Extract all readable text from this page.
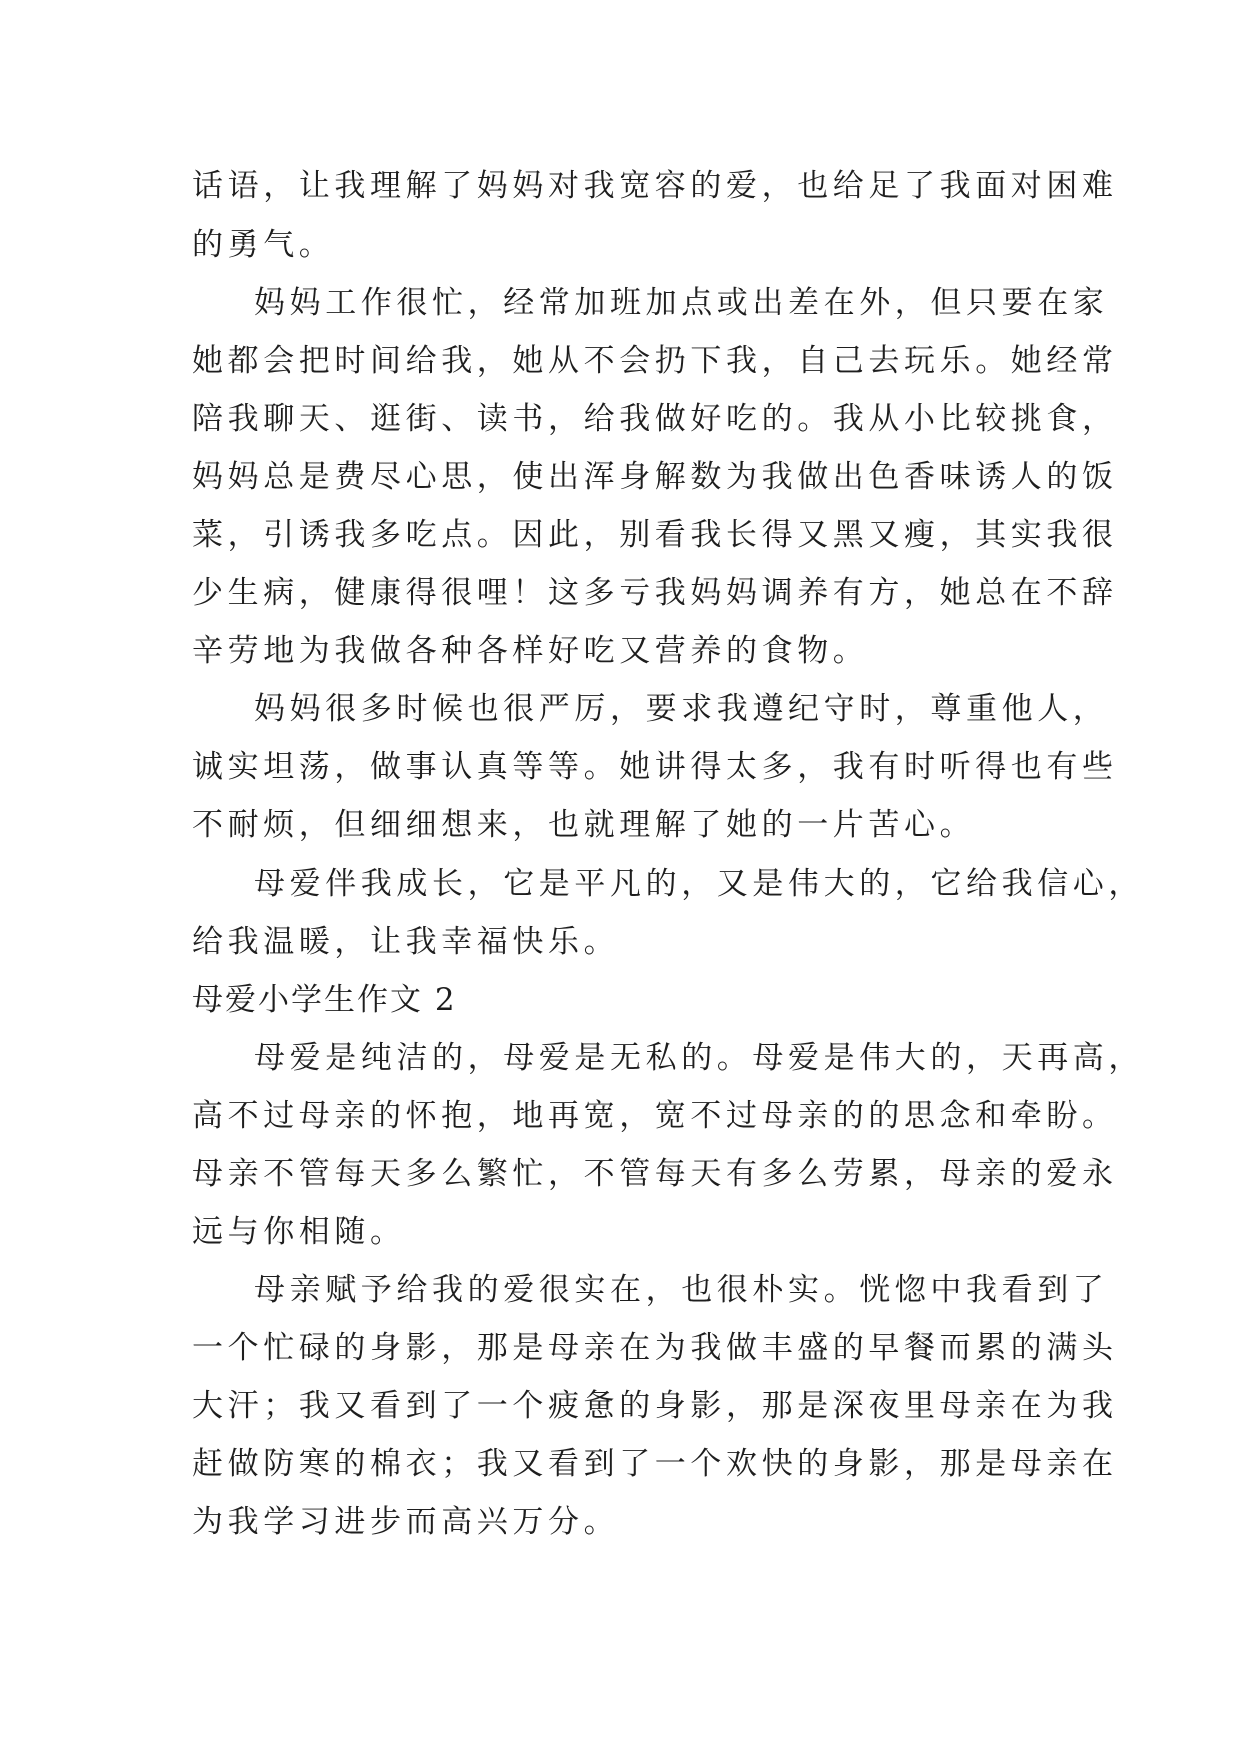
话语，让我理解了妈妈对我宽容的爱，也给足了我面对困难

的勇气。

妈妈工作很忙，经常加班加点或出差在外，但只要在家

她都会把时间给我，她从不会扔下我，自己去玩乐。她经常

陪我聊天、逛街、读书，给我做好吃的。我从小比较挑食，

妈妈总是费尽心思，使出浑身解数为我做出色香味诱人的饭

菜，引诱我多吃点。因此，别看我长得又黑又瘦，其实我很

少生病，健康得很哩！这多亏我妈妈调养有方，她总在不辞

辛劳地为我做各种各样好吃又营养的食物。

妈妈很多时候也很严厉，要求我遵纪守时，尊重他人，

诚实坦荡，做事认真等等。她讲得太多，我有时听得也有些

不耐烦，但细细想来，也就理解了她的一片苦心。

母爱伴我成长，它是平凡的，又是伟大的，它给我信心，

给我温暖，让我幸福快乐。

母爱小学生作文 2

母爱是纯洁的，母爱是无私的。母爱是伟大的，天再高，

高不过母亲的怀抱，地再宽，宽不过母亲的的思念和牵盼。

母亲不管每天多么繁忙，不管每天有多么劳累，母亲的爱永

远与你相随。

母亲赋予给我的爱很实在，也很朴实。恍惚中我看到了

一个忙碌的身影，那是母亲在为我做丰盛的早餐而累的满头

大汗；我又看到了一个疲惫的身影，那是深夜里母亲在为我

赶做防寒的棉衣；我又看到了一个欢快的身影，那是母亲在

为我学习进步而高兴万分。
